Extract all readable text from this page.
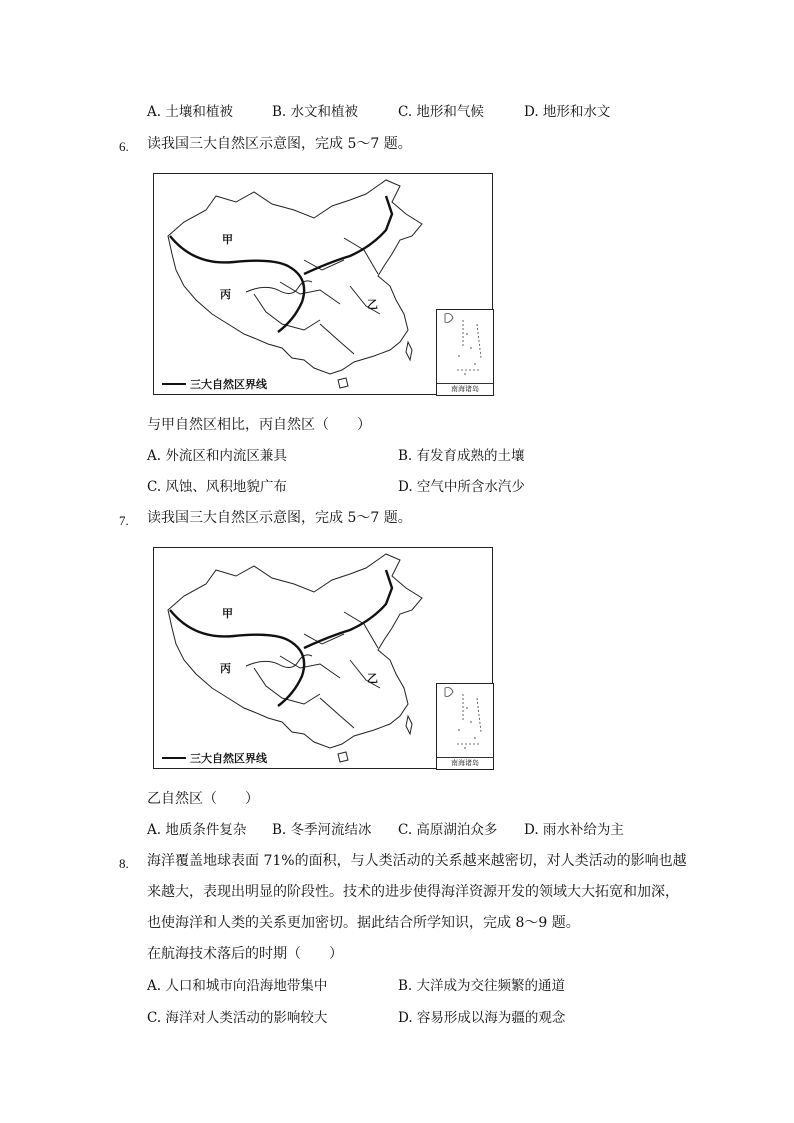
A. 土壤和植被	B. 水文和植被	C. 地形和气候	D. 地形和水文
6. 读我国三大自然区示意图，完成 5～7 题。
甲
丙
乙
三大自然区界线	南海诸岛
与甲自然区相比，丙自然区（　　）
A. 外流区和内流区兼具	B. 有发育成熟的土壤
C. 风蚀、风积地貌广布	D. 空气中所含水汽少
7. 读我国三大自然区示意图，完成 5～7 题。
甲
丙
乙
三大自然区界线	南海诸岛
乙自然区（　　）
A. 地质条件复杂 B. 冬季河流结冰 C. 高原湖泊众多 D. 雨水补给为主
8. 海洋覆盖地球表面 71%的面积，与人类活动的关系越来越密切，对人类活动的影响也越
来越大，表现出明显的阶段性。技术的进步使得海洋资源开发的领域大大拓宽和加深，
也使海洋和人类的关系更加密切。据此结合所学知识，完成 8～9 题。
在航海技术落后的时期（　　）
A. 人口和城市向沿海地带集中	B. 大洋成为交往频繁的通道
C. 海洋对人类活动的影响较大	D. 容易形成以海为疆的观念
